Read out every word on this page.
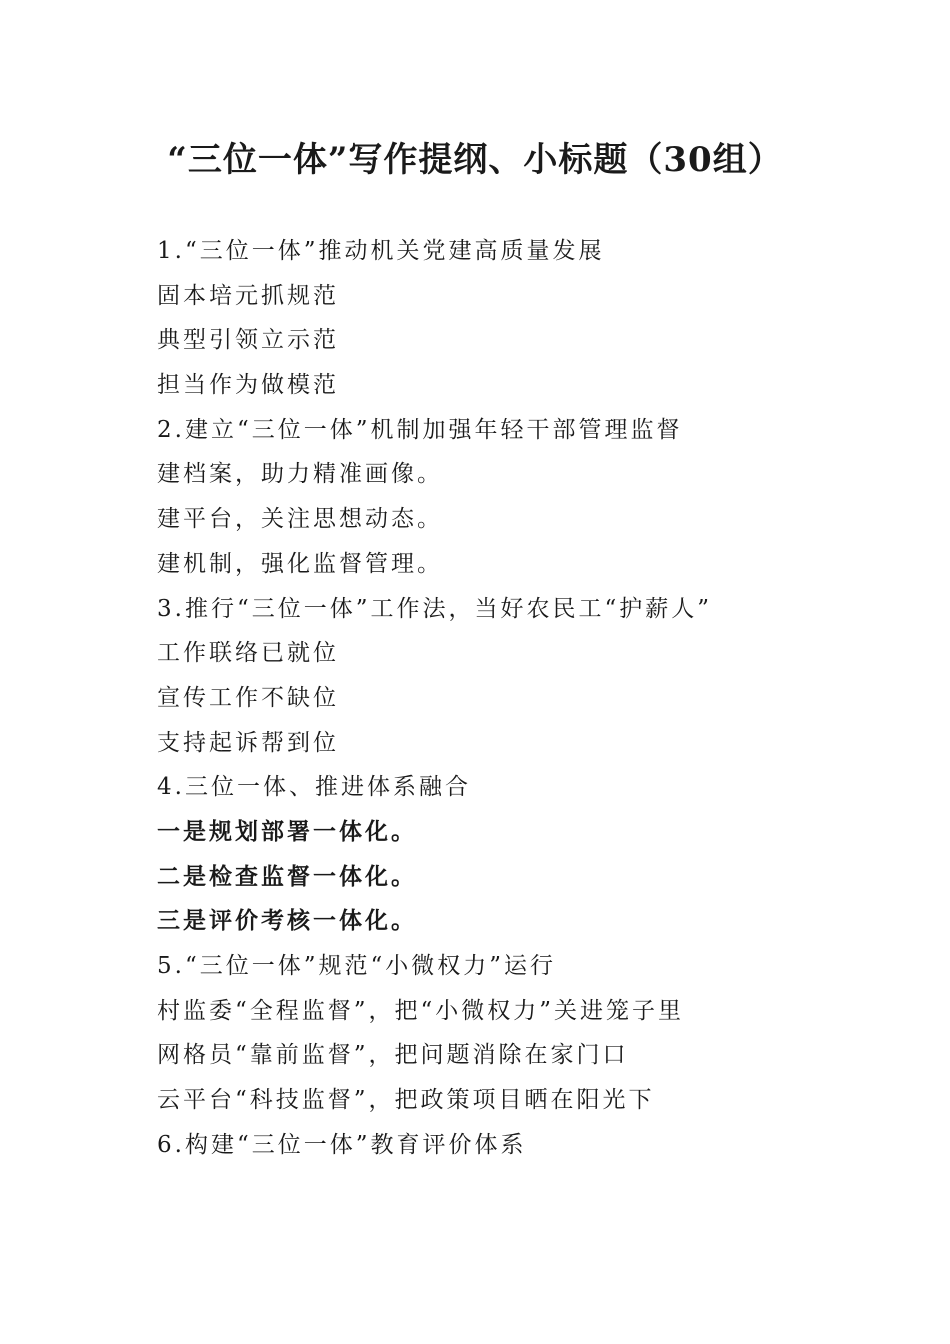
“三位一体”写作提纲、小标题（30组）
1.“三位一体”推动机关党建高质量发展
固本培元抓规范
典型引领立示范
担当作为做模范
2.建立“三位一体”机制加强年轻干部管理监督
建档案，助力精准画像。
建平台，关注思想动态。
建机制，强化监督管理。
3.推行“三位一体”工作法，当好农民工“护薪人”
工作联络已就位
宣传工作不缺位
支持起诉帮到位
4.三位一体、推进体系融合
一是规划部署一体化。
二是检查监督一体化。
三是评价考核一体化。
5.“三位一体”规范“小微权力”运行
村监委“全程监督”，把“小微权力”关进笼子里
网格员“靠前监督”，把问题消除在家门口
云平台“科技监督”，把政策项目晒在阳光下
6.构建“三位一体”教育评价体系
